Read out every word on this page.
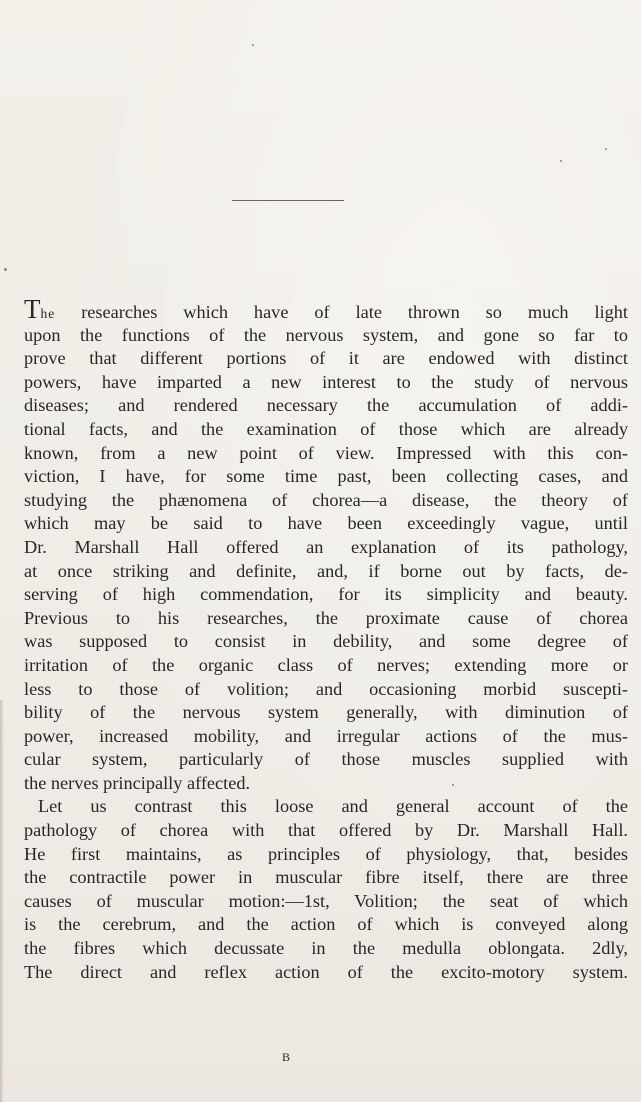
The researches which have of late thrown so much light
upon the functions of the nervous system, and gone so far to
prove that different portions of it are endowed with distinct
powers, have imparted a new interest to the study of nervous
diseases; and rendered necessary the accumulation of addi-
tional facts, and the examination of those which are already
known, from a new point of view. Impressed with this con-
viction, I have, for some time past, been collecting cases, and
studying the phænomena of chorea—a disease, the theory of
which may be said to have been exceedingly vague, until
Dr. Marshall Hall offered an explanation of its pathology,
at once striking and definite, and, if borne out by facts, de-
serving of high commendation, for its simplicity and beauty.
Previous to his researches, the proximate cause of chorea
was supposed to consist in debility, and some degree of
irritation of the organic class of nerves; extending more or
less to those of volition; and occasioning morbid suscepti-
bility of the nervous system generally, with diminution of
power, increased mobility, and irregular actions of the mus-
cular system, particularly of those muscles supplied with
the nerves principally affected.
Let us contrast this loose and general account of the
pathology of chorea with that offered by Dr. Marshall Hall.
He first maintains, as principles of physiology, that, besides
the contractile power in muscular fibre itself, there are three
causes of muscular motion:—1st, Volition; the seat of which
is the cerebrum, and the action of which is conveyed along
the fibres which decussate in the medulla oblongata. 2dly,
The direct and reflex action of the excito-motory system.
B
